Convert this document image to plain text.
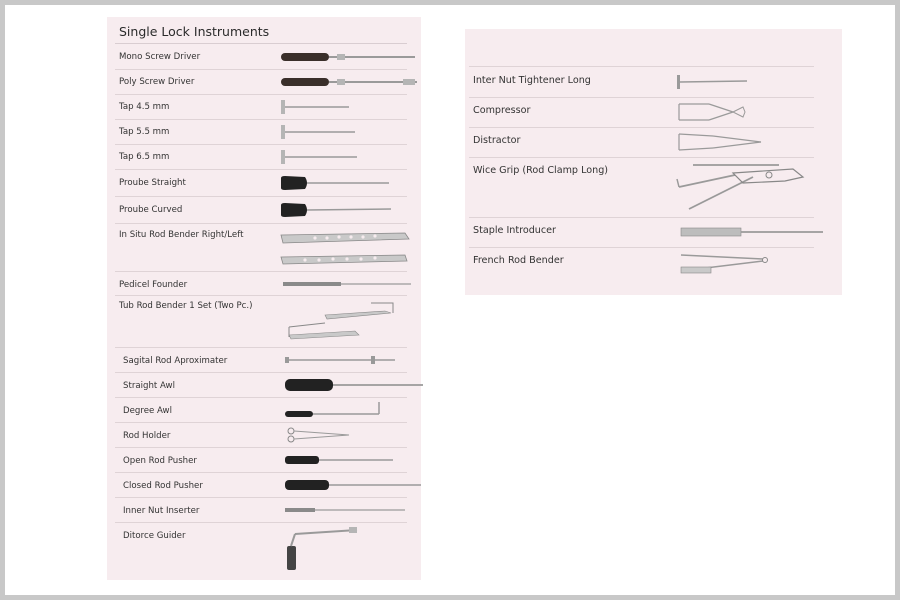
Single Lock Instruments
Mono Screw Driver
Poly Screw Driver
Tap 4.5 mm
Tap 5.5 mm
Tap 6.5 mm
Proube Straight
Proube Curved
In Situ Rod Bender Right/Left
Pedicel Founder
Tub Rod Bender 1 Set (Two Pc.)
Sagital Rod Aproximater
Straight Awl
Degree Awl
Rod Holder
Open Rod Pusher
Closed Rod Pusher
Inner Nut Inserter
Ditorce Guider
Inter Nut Tightener Long
Compressor
Distractor
Wice Grip (Rod Clamp Long)
Staple Introducer
French Rod Bender
